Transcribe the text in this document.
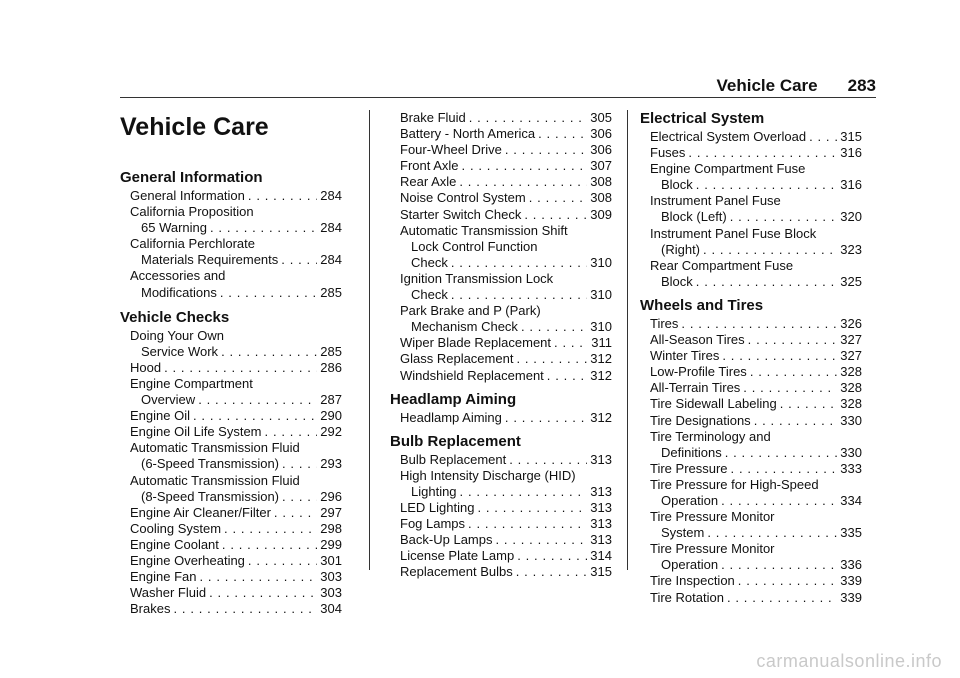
Vehicle Care 283
Vehicle Care
General Information
General Information . . .	284
California Proposition
65 Warning . . .	284
California Perchlorate
Materials Requirements . . .	284
Accessories and
Modifications . . .	285
Vehicle Checks
Doing Your Own
Service Work . . .	285
Hood . . .	286
Engine Compartment
Overview . . .	287
Engine Oil . . .	290
Engine Oil Life System . . .	292
Automatic Transmission Fluid
(6-Speed Transmission) . . .	293
Automatic Transmission Fluid
(8-Speed Transmission) . . .	296
Engine Air Cleaner/Filter . . .	297
Cooling System . . .	298
Engine Coolant . . .	299
Engine Overheating . . .	301
Engine Fan . . .	303
Washer Fluid . . .	303
Brakes . . .	304
Brake Fluid . . .	305
Battery - North America . . .	306
Four-Wheel Drive . . .	306
Front Axle . . .	307
Rear Axle . . .	308
Noise Control System . . .	308
Starter Switch Check . . .	309
Automatic Transmission Shift
Lock Control Function
Check . . .	310
Ignition Transmission Lock
Check . . .	310
Park Brake and P (Park)
Mechanism Check . . .	310
Wiper Blade Replacement . . .	311
Glass Replacement . . .	312
Windshield Replacement . . .	312
Headlamp Aiming
Headlamp Aiming . . .	312
Bulb Replacement
Bulb Replacement . . .	313
High Intensity Discharge (HID)
Lighting . . .	313
LED Lighting . . .	313
Fog Lamps . . .	313
Back-Up Lamps . . .	313
License Plate Lamp . . .	314
Replacement Bulbs . . .	315
Electrical System
Electrical System Overload . . .	315
Fuses . . .	316
Engine Compartment Fuse
Block . . .	316
Instrument Panel Fuse
Block (Left) . . .	320
Instrument Panel Fuse Block
(Right) . . .	323
Rear Compartment Fuse
Block . . .	325
Wheels and Tires
Tires . . .	326
All-Season Tires . . .	327
Winter Tires . . .	327
Low-Profile Tires . . .	328
All-Terrain Tires . . .	328
Tire Sidewall Labeling . . .	328
Tire Designations . . .	330
Tire Terminology and
Definitions . . .	330
Tire Pressure . . .	333
Tire Pressure for High-Speed
Operation . . .	334
Tire Pressure Monitor
System . . .	335
Tire Pressure Monitor
Operation . . .	336
Tire Inspection . . .	339
Tire Rotation . . .	339
carmanualsonline.info
